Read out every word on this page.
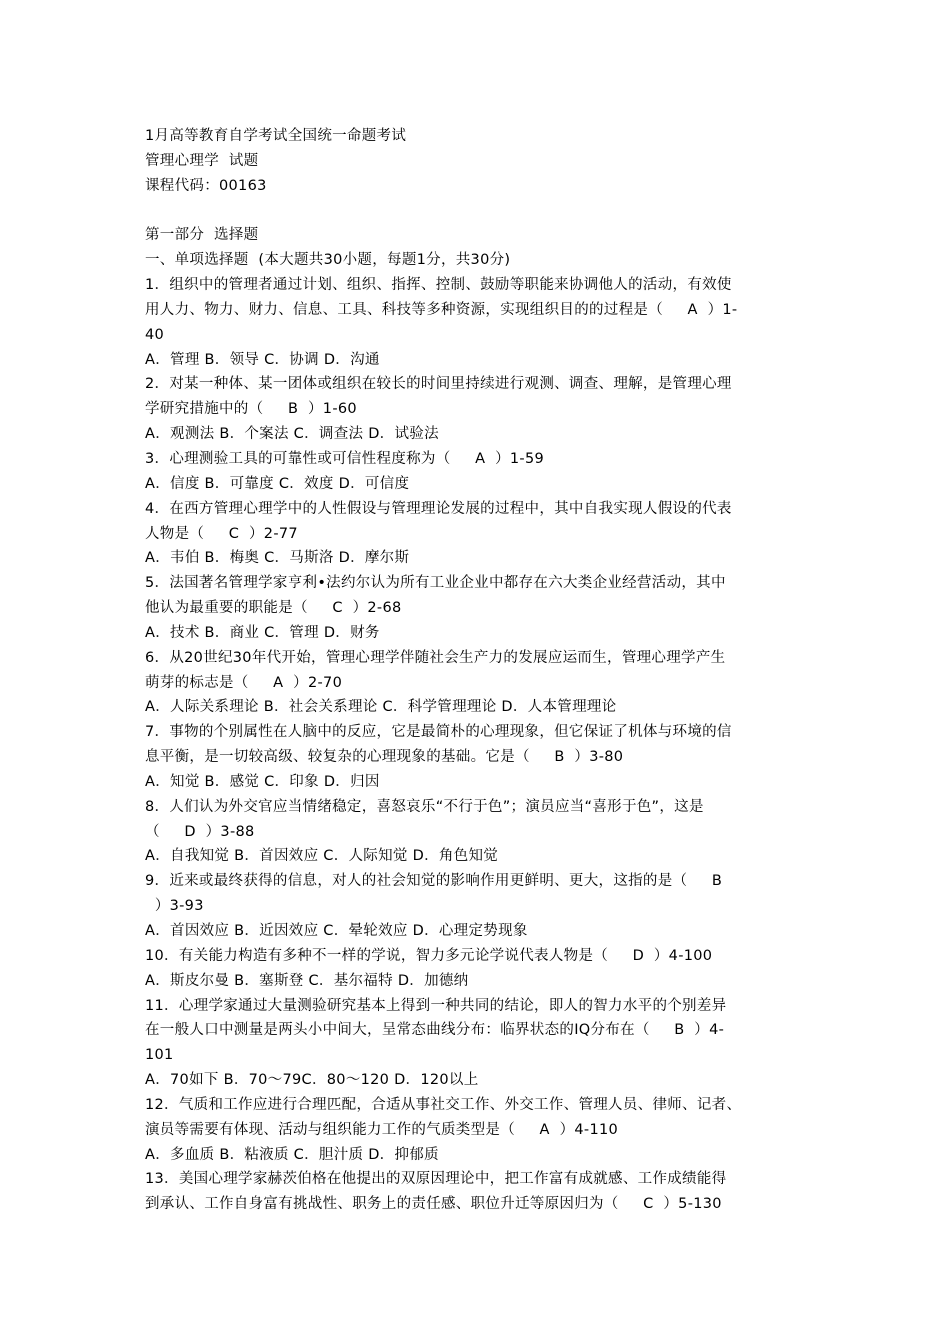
1月高等教育自学考试全国统一命题考试
管理心理学  试题
课程代码：00163
第一部分  选择题
一、单项选择题  (本大题共30小题，每题1分，共30分)
1．组织中的管理者通过计划、组织、指挥、控制、鼓励等职能来协调他人的活动，有效使
用人力、物力、财力、信息、工具、科技等多种资源，实现组织目的的过程是（     A  ）1-
40
A．管理 B．领导 C．协调 D．沟通
2．对某一种体、某一团体或组织在较长的时间里持续进行观测、调查、理解，是管理心理
学研究措施中的（     B  ）1-60
A．观测法 B．个案法 C．调查法 D．试验法
3．心理测验工具的可靠性或可信性程度称为（     A  ）1-59
A．信度 B．可靠度 C．效度 D．可信度
4．在西方管理心理学中的人性假设与管理理论发展的过程中，其中自我实现人假设的代表
人物是（     C  ）2-77
A．韦伯 B．梅奥 C．马斯洛 D．摩尔斯
5．法国著名管理学家亨利•法约尔认为所有工业企业中都存在六大类企业经营活动，其中
他认为最重要的职能是（     C  ）2-68
A．技术 B．商业 C．管理 D．财务
6．从20世纪30年代开始，管理心理学伴随社会生产力的发展应运而生，管理心理学产生
萌芽的标志是（     A  ）2-70
A．人际关系理论 B．社会关系理论 C．科学管理理论 D．人本管理理论
7．事物的个别属性在人脑中的反应，它是最简朴的心理现象，但它保证了机体与环境的信
息平衡，是一切较高级、较复杂的心理现象的基础。它是（     B  ）3-80
A．知觉 B．感觉 C．印象 D．归因
8．人们认为外交官应当情绪稳定，喜怒哀乐“不行于色”；演员应当“喜形于色”，这是
（     D  ）3-88
A．自我知觉 B．首因效应 C．人际知觉 D．角色知觉
9．近来或最终获得的信息，对人的社会知觉的影响作用更鲜明、更大，这指的是（     B
）3-93
A．首因效应 B．近因效应 C．晕轮效应 D．心理定势现象
10．有关能力构造有多种不一样的学说，智力多元论学说代表人物是（     D  ）4-100
A．斯皮尔曼 B．塞斯登 C．基尔福特 D．加德纳
11．心理学家通过大量测验研究基本上得到一种共同的结论，即人的智力水平的个别差异
在一般人口中测量是两头小中间大，呈常态曲线分布：临界状态的IQ分布在（     B  ）4-
101
A．70如下 B．70～79C．80～120 D．120以上
12．气质和工作应进行合理匹配，合适从事社交工作、外交工作、管理人员、律师、记者、
演员等需要有体现、活动与组织能力工作的气质类型是（     A  ）4-110
A．多血质 B．粘液质 C．胆汁质 D．抑郁质
13．美国心理学家赫茨伯格在他提出的双原因理论中，把工作富有成就感、工作成绩能得
到承认、工作自身富有挑战性、职务上的责任感、职位升迁等原因归为（     C  ）5-130
